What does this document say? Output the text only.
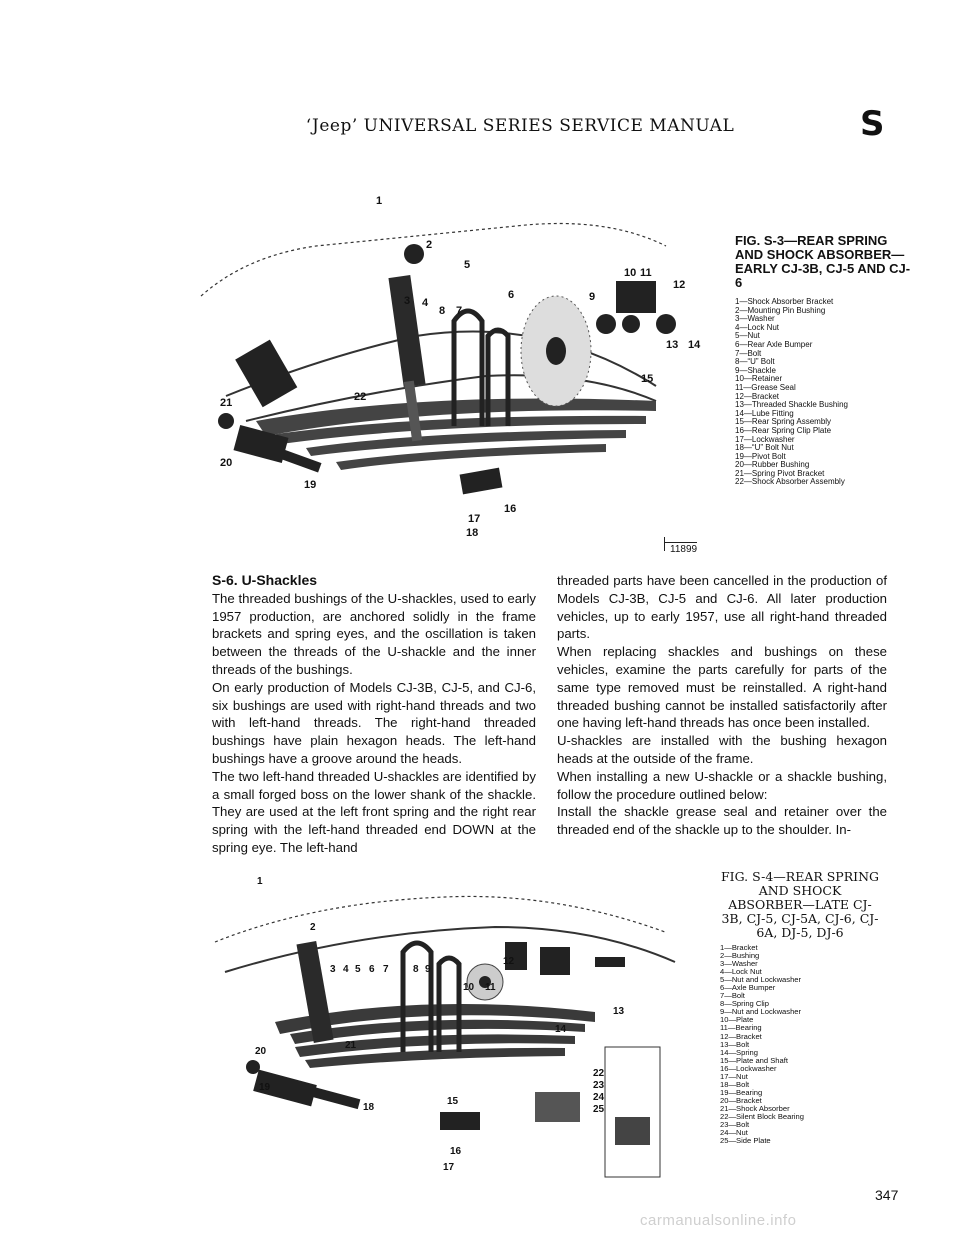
‘Jeep’ UNIVERSAL SERIES SERVICE MANUAL	S
1
2
3 4
5
6
7
8
9
10 11
12
13 14
15
16
17
18
19
20
21	22
FIG. S-3—REAR SPRING AND SHOCK ABSORBER— EARLY CJ-3B, CJ-5 AND CJ-6
1—Shock Absorber Bracket
2—Mounting Pin Bushing
3—Washer
4—Lock Nut
5—Nut
6—Rear Axle Bumper
7—Bolt
8—“U” Bolt
9—Shackle
10—Retainer
11—Grease Seal
12—Bracket
13—Threaded Shackle Bushing
14—Lube Fitting
15—Rear Spring Assembly
16—Rear Spring Clip Plate
17—Lockwasher
18—“U” Bolt Nut
19—Pivot Bolt
20—Rubber Bushing
21—Spring Pivot Bracket
22—Shock Absorber Assembly
11899
S-6. U-Shackles

The threaded bushings of the U-shackles, used to early 1957 production, are anchored solidly in the frame brackets and spring eyes, and the oscillation is taken between the threads of the U-shackle and the inner threads of the bushings.

On early production of Models CJ-3B, CJ-5, and CJ-6, six bushings are used with right-hand threads and two with left-hand threads. The right-hand threaded bushings have plain hexagon heads. The left-hand bushings have a groove around the heads.

The two left-hand threaded U-shackles are identified by a small forged boss on the lower shank of the shackle. They are used at the left front spring and the right rear spring with the left-hand threaded end DOWN at the spring eye. The left-hand

threaded parts have been cancelled in the production of Models CJ-3B, CJ-5 and CJ-6. All later production vehicles, up to early 1957, use all right-hand threaded parts.

When replacing shackles and bushings on these vehicles, examine the parts carefully for parts of the same type removed must be reinstalled. A right-hand threaded bushing cannot be installed satisfactorily after one having left-hand threads has once been installed.

U-shackles are installed with the bushing hexagon heads at the outside of the frame.

When installing a new U-shackle or a shackle bushing, follow the procedure outlined below:

Install the shackle grease seal and retainer over the threaded end of the shackle up to the shoulder. In-

1
2
3 4 5 6 7 8 9
10 11
12
13
14
15
16
17
18
19
20
21
22
23
24
25
FIG. S-4—REAR SPRING AND SHOCK ABSORBER—LATE CJ-3B, CJ-5, CJ-5A, CJ-6, CJ-6A, DJ-5, DJ-6
1—Bracket
2—Bushing
3—Washer
4—Lock Nut
5—Nut and Lockwasher
6—Axle Bumper
7—Bolt
8—Spring Clip
9—Nut and Lockwasher
10—Plate
11—Bearing
12—Bracket
13—Bolt
14—Spring
15—Plate and Shaft
16—Lockwasher
17—Nut
18—Bolt
19—Bearing
20—Bracket
21—Shock Absorber
22—Silent Block Bearing
23—Bolt
24—Nut
25—Side Plate
347
carmanualsonline.info
